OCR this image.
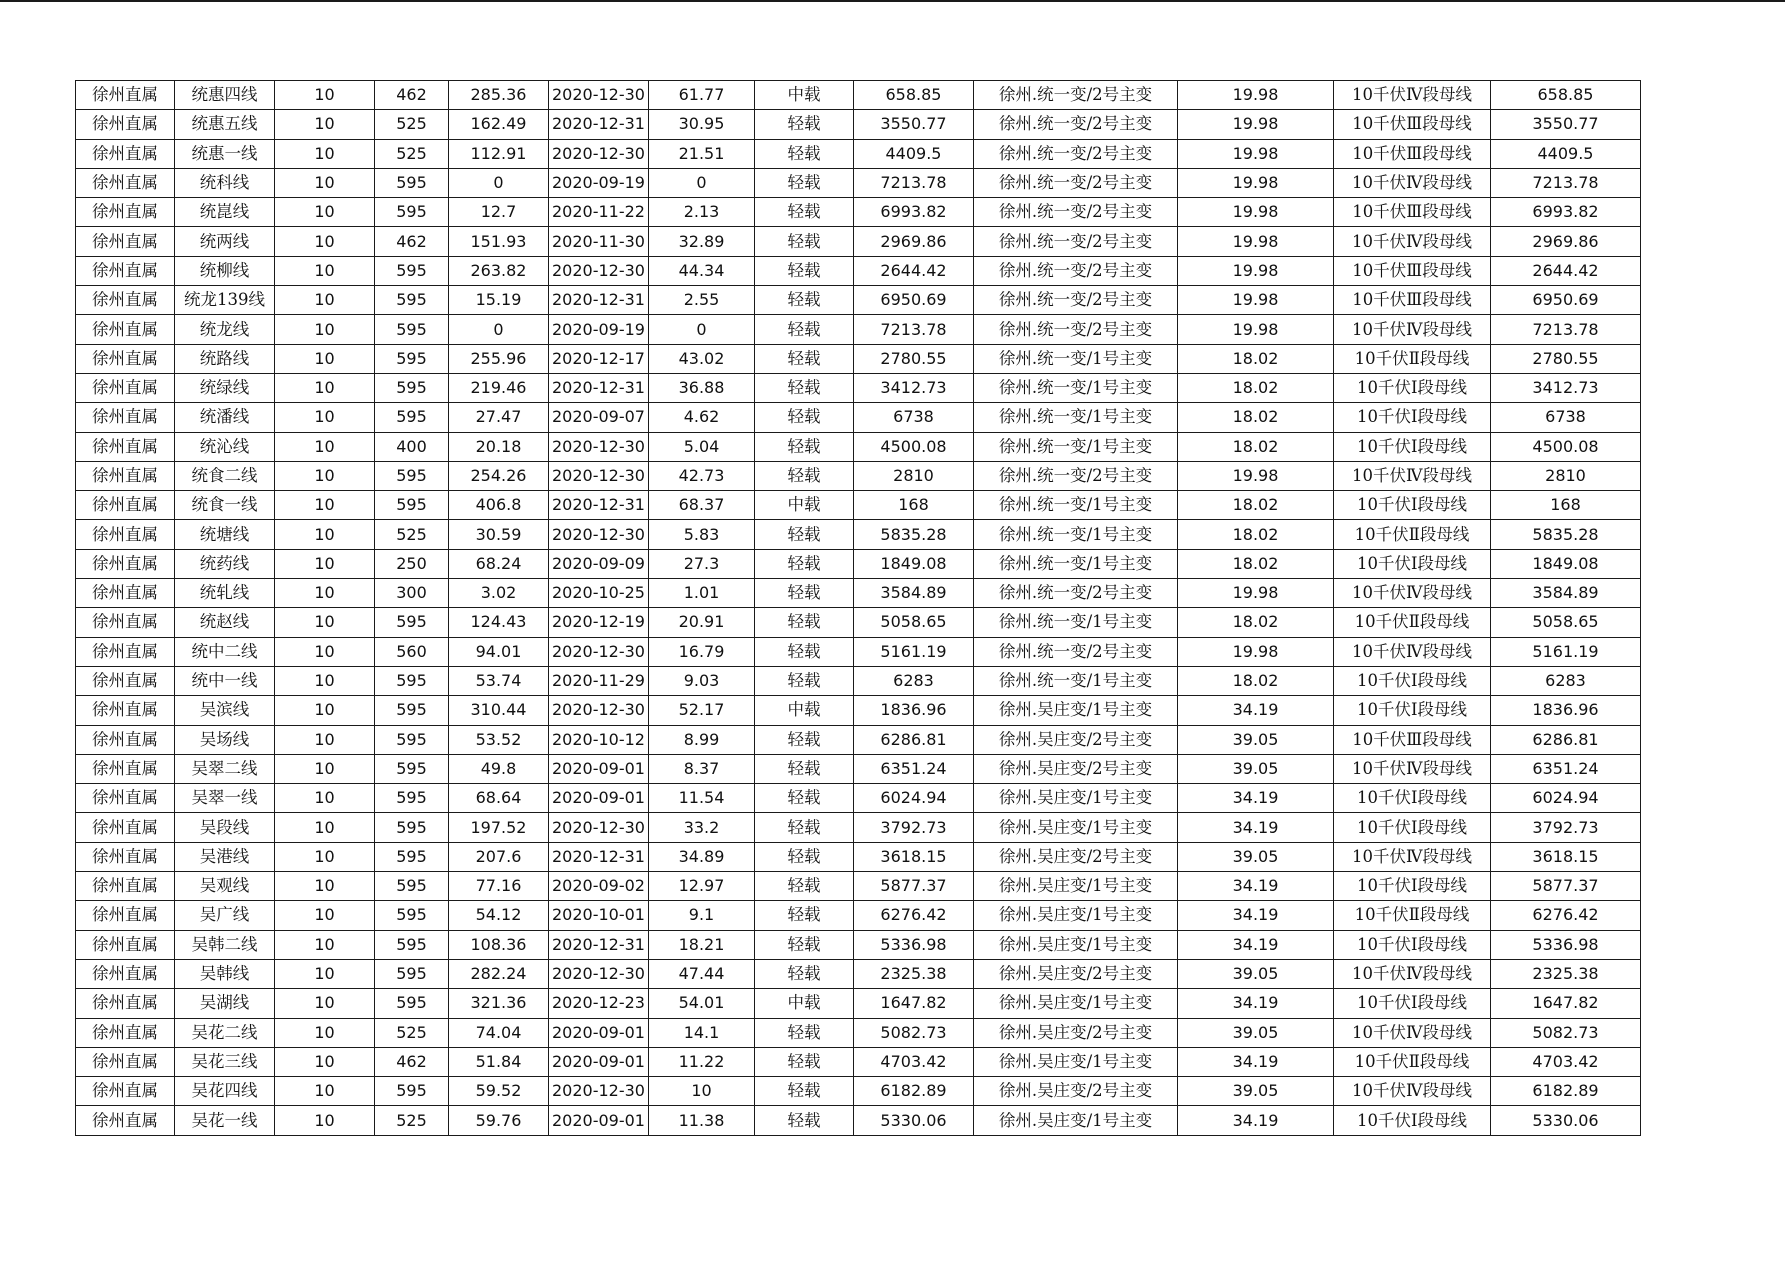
徐州直属	统惠四线	10	462	285.36	2020-12-30	61.77	中载	658.85	徐州.统一变/2号主变	19.98	10千伏Ⅳ段母线	658.85
徐州直属	统惠五线	10	525	162.49	2020-12-31	30.95	轻载	3550.77	徐州.统一变/2号主变	19.98	10千伏Ⅲ段母线	3550.77
徐州直属	统惠一线	10	525	112.91	2020-12-30	21.51	轻载	4409.5	徐州.统一变/2号主变	19.98	10千伏Ⅲ段母线	4409.5
徐州直属	统科线	10	595	0	2020-09-19	0	轻载	7213.78	徐州.统一变/2号主变	19.98	10千伏Ⅳ段母线	7213.78
徐州直属	统崑线	10	595	12.7	2020-11-22	2.13	轻载	6993.82	徐州.统一变/2号主变	19.98	10千伏Ⅲ段母线	6993.82
徐州直属	统两线	10	462	151.93	2020-11-30	32.89	轻载	2969.86	徐州.统一变/2号主变	19.98	10千伏Ⅳ段母线	2969.86
徐州直属	统柳线	10	595	263.82	2020-12-30	44.34	轻载	2644.42	徐州.统一变/2号主变	19.98	10千伏Ⅲ段母线	2644.42
徐州直属	统龙139线	10	595	15.19	2020-12-31	2.55	轻载	6950.69	徐州.统一变/2号主变	19.98	10千伏Ⅲ段母线	6950.69
徐州直属	统龙线	10	595	0	2020-09-19	0	轻载	7213.78	徐州.统一变/2号主变	19.98	10千伏Ⅳ段母线	7213.78
徐州直属	统路线	10	595	255.96	2020-12-17	43.02	轻载	2780.55	徐州.统一变/1号主变	18.02	10千伏Ⅱ段母线	2780.55
徐州直属	统绿线	10	595	219.46	2020-12-31	36.88	轻载	3412.73	徐州.统一变/1号主变	18.02	10千伏Ⅰ段母线	3412.73
徐州直属	统潘线	10	595	27.47	2020-09-07	4.62	轻载	6738	徐州.统一变/1号主变	18.02	10千伏Ⅰ段母线	6738
徐州直属	统沁线	10	400	20.18	2020-12-30	5.04	轻载	4500.08	徐州.统一变/1号主变	18.02	10千伏Ⅰ段母线	4500.08
徐州直属	统食二线	10	595	254.26	2020-12-30	42.73	轻载	2810	徐州.统一变/2号主变	19.98	10千伏Ⅳ段母线	2810
徐州直属	统食一线	10	595	406.8	2020-12-31	68.37	中载	168	徐州.统一变/1号主变	18.02	10千伏Ⅰ段母线	168
徐州直属	统塘线	10	525	30.59	2020-12-30	5.83	轻载	5835.28	徐州.统一变/1号主变	18.02	10千伏Ⅱ段母线	5835.28
徐州直属	统药线	10	250	68.24	2020-09-09	27.3	轻载	1849.08	徐州.统一变/1号主变	18.02	10千伏Ⅰ段母线	1849.08
徐州直属	统轧线	10	300	3.02	2020-10-25	1.01	轻载	3584.89	徐州.统一变/2号主变	19.98	10千伏Ⅳ段母线	3584.89
徐州直属	统赵线	10	595	124.43	2020-12-19	20.91	轻载	5058.65	徐州.统一变/1号主变	18.02	10千伏Ⅱ段母线	5058.65
徐州直属	统中二线	10	560	94.01	2020-12-30	16.79	轻载	5161.19	徐州.统一变/2号主变	19.98	10千伏Ⅳ段母线	5161.19
徐州直属	统中一线	10	595	53.74	2020-11-29	9.03	轻载	6283	徐州.统一变/1号主变	18.02	10千伏Ⅰ段母线	6283
徐州直属	吴滨线	10	595	310.44	2020-12-30	52.17	中载	1836.96	徐州.吴庄变/1号主变	34.19	10千伏Ⅰ段母线	1836.96
徐州直属	吴场线	10	595	53.52	2020-10-12	8.99	轻载	6286.81	徐州.吴庄变/2号主变	39.05	10千伏Ⅲ段母线	6286.81
徐州直属	吴翠二线	10	595	49.8	2020-09-01	8.37	轻载	6351.24	徐州.吴庄变/2号主变	39.05	10千伏Ⅳ段母线	6351.24
徐州直属	吴翠一线	10	595	68.64	2020-09-01	11.54	轻载	6024.94	徐州.吴庄变/1号主变	34.19	10千伏Ⅰ段母线	6024.94
徐州直属	吴段线	10	595	197.52	2020-12-30	33.2	轻载	3792.73	徐州.吴庄变/1号主变	34.19	10千伏Ⅰ段母线	3792.73
徐州直属	吴港线	10	595	207.6	2020-12-31	34.89	轻载	3618.15	徐州.吴庄变/2号主变	39.05	10千伏Ⅳ段母线	3618.15
徐州直属	吴观线	10	595	77.16	2020-09-02	12.97	轻载	5877.37	徐州.吴庄变/1号主变	34.19	10千伏Ⅰ段母线	5877.37
徐州直属	吴广线	10	595	54.12	2020-10-01	9.1	轻载	6276.42	徐州.吴庄变/1号主变	34.19	10千伏Ⅱ段母线	6276.42
徐州直属	吴韩二线	10	595	108.36	2020-12-31	18.21	轻载	5336.98	徐州.吴庄变/1号主变	34.19	10千伏Ⅰ段母线	5336.98
徐州直属	吴韩线	10	595	282.24	2020-12-30	47.44	轻载	2325.38	徐州.吴庄变/2号主变	39.05	10千伏Ⅳ段母线	2325.38
徐州直属	吴湖线	10	595	321.36	2020-12-23	54.01	中载	1647.82	徐州.吴庄变/1号主变	34.19	10千伏Ⅰ段母线	1647.82
徐州直属	吴花二线	10	525	74.04	2020-09-01	14.1	轻载	5082.73	徐州.吴庄变/2号主变	39.05	10千伏Ⅳ段母线	5082.73
徐州直属	吴花三线	10	462	51.84	2020-09-01	11.22	轻载	4703.42	徐州.吴庄变/1号主变	34.19	10千伏Ⅱ段母线	4703.42
徐州直属	吴花四线	10	595	59.52	2020-12-30	10	轻载	6182.89	徐州.吴庄变/2号主变	39.05	10千伏Ⅳ段母线	6182.89
徐州直属	吴花一线	10	525	59.76	2020-09-01	11.38	轻载	5330.06	徐州.吴庄变/1号主变	34.19	10千伏Ⅰ段母线	5330.06
